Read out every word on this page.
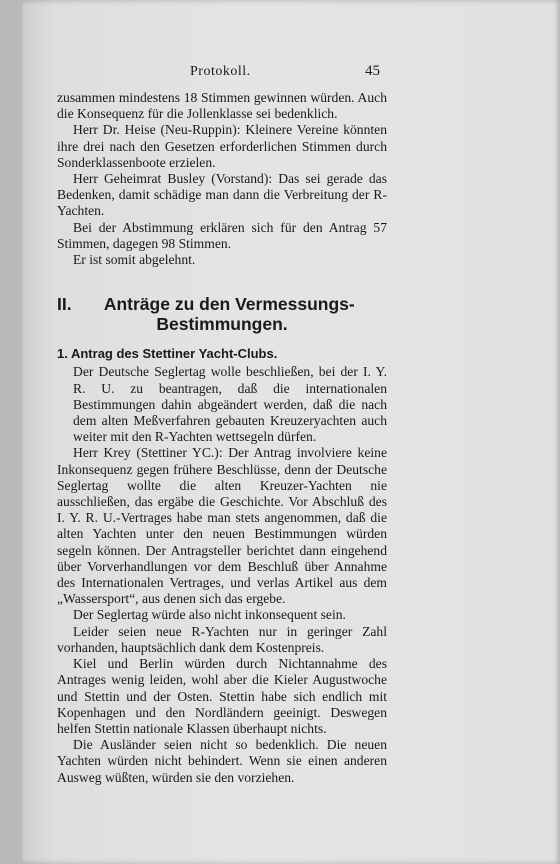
Protokoll.	45

zusammen mindestens 18 Stimmen gewinnen würden. Auch die Konsequenz für die Jollenklasse sei bedenklich.

Herr Dr. Heise (Neu-Ruppin): Kleinere Vereine könnten ihre drei nach den Gesetzen erforderlichen Stimmen durch Sonderklassenboote erzielen.

Herr Geheimrat Busley (Vorstand): Das sei gerade das Bedenken, damit schädige man dann die Verbreitung der R-Yachten.

Bei der Abstimmung erklären sich für den Antrag 57 Stimmen, dagegen 98 Stimmen.

Er ist somit abgelehnt.

II. Anträge zu den Vermessungs-Bestimmungen.
1. Antrag des Stettiner Yacht-Clubs.

Der Deutsche Seglertag wolle beschließen, bei der I. Y. R. U. zu beantragen, daß die internationalen Bestimmungen dahin abgeändert werden, daß die nach dem alten Meßverfahren gebauten Kreuzeryachten auch weiter mit den R-Yachten wettsegeln dürfen.

Herr Krey (Stettiner YC.): Der Antrag involviere keine Inkonsequenz gegen frühere Beschlüsse, denn der Deutsche Seglertag wollte die alten Kreuzer-Yachten nie ausschließen, das ergäbe die Geschichte. Vor Abschluß des I. Y. R. U.-Vertrages habe man stets angenommen, daß die alten Yachten unter den neuen Bestimmungen würden segeln können. Der Antragsteller berichtet dann eingehend über Vorverhandlungen vor dem Beschluß über Annahme des Internationalen Vertrages, und verlas Artikel aus dem „Wassersport“, aus denen sich das ergebe.

Der Seglertag würde also nicht inkonsequent sein.

Leider seien neue R-Yachten nur in geringer Zahl vorhanden, hauptsächlich dank dem Kostenpreis.

Kiel und Berlin würden durch Nichtannahme des Antrages wenig leiden, wohl aber die Kieler Augustwoche und Stettin und der Osten. Stettin habe sich endlich mit Kopenhagen und den Nordländern geeinigt. Deswegen helfen Stettin nationale Klassen überhaupt nichts.

Die Ausländer seien nicht so bedenklich. Die neuen Yachten würden nicht behindert. Wenn sie einen anderen Ausweg wüßten, würden sie den vorziehen.
